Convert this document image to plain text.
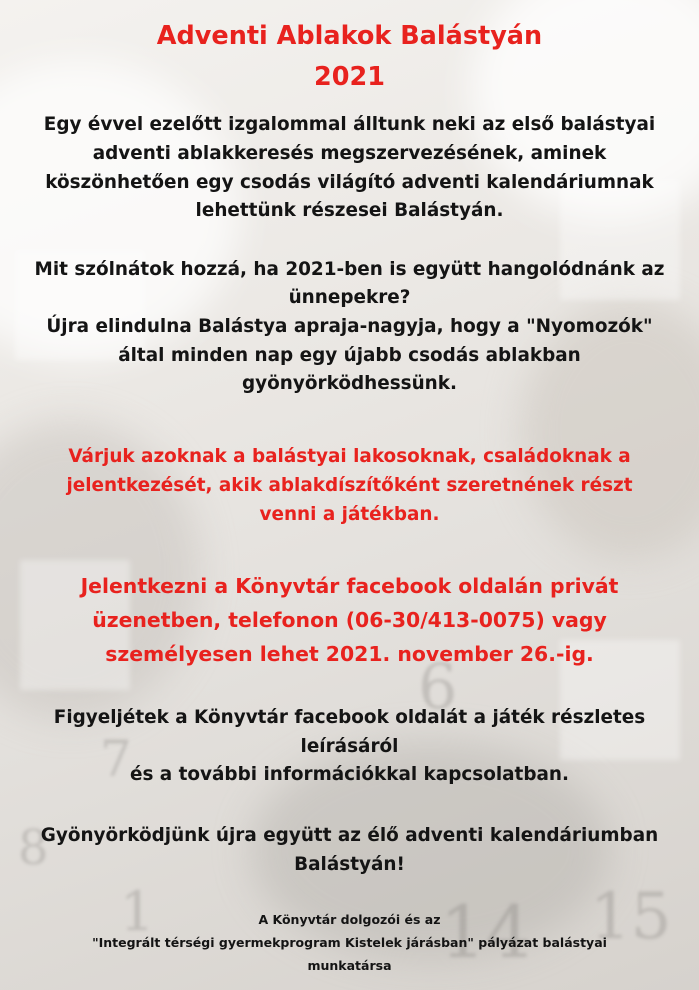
6
7
8
1	14 15

Adventi Ablakok Balástyán

2021

Egy évvel ezelőtt izgalommal álltunk neki az első balástyai

adventi ablakkeresés megszervezésének, aminek

köszönhetően egy csodás világító adventi kalendáriumnak

lehettünk részesei Balástyán.

Mit szólnátok hozzá, ha 2021-ben is együtt hangolódnánk az

ünnepekre?

Újra elindulna Balástya apraja-nagyja, hogy a "Nyomozók"

által minden nap egy újabb csodás ablakban

gyönyörködhessünk.

Várjuk azoknak a balástyai lakosoknak, családoknak a

jelentkezését, akik ablakdíszítőként szeretnének részt

venni a játékban.

Jelentkezni a Könyvtár facebook oldalán privát

üzenetben, telefonon (06-30/413-0075) vagy

személyesen lehet 2021. november 26.-ig.

Figyeljétek a Könyvtár facebook oldalát a játék részletes

leírásáról

és a további információkkal kapcsolatban.

Gyönyörködjünk újra együtt az élő adventi kalendáriumban

Balástyán!

A Könyvtár dolgozói és az

"Integrált térségi gyermekprogram Kistelek járásban" pályázat balástyai

munkatársa
